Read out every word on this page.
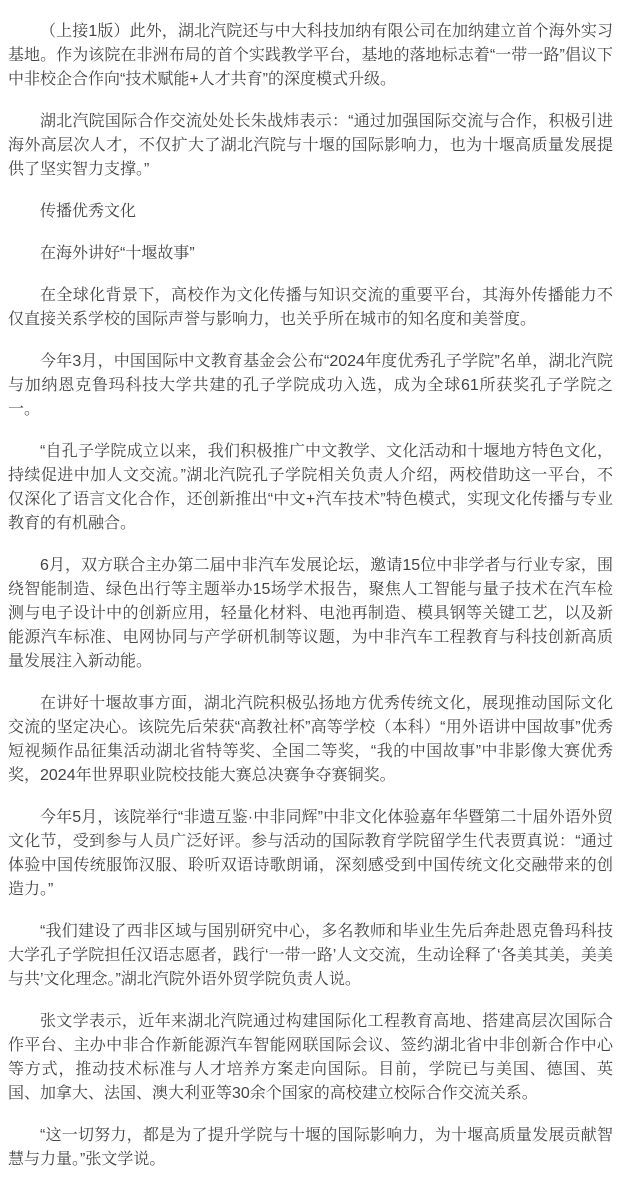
（上接1版）此外，湖北汽院还与中大科技加纳有限公司在加纳建立首个海外实习基地。作为该院在非洲布局的首个实践教学平台，基地的落地标志着“一带一路”倡议下中非校企合作向“技术赋能+人才共育”的深度模式升级。

湖北汽院国际合作交流处处长朱战炜表示：“通过加强国际交流与合作，积极引进海外高层次人才，不仅扩大了湖北汽院与十堰的国际影响力，也为十堰高质量发展提供了坚实智力支撑。”

传播优秀文化

在海外讲好“十堰故事”

在全球化背景下，高校作为文化传播与知识交流的重要平台，其海外传播能力不仅直接关系学校的国际声誉与影响力，也关乎所在城市的知名度和美誉度。

今年3月，中国国际中文教育基金会公布“2024年度优秀孔子学院”名单，湖北汽院与加纳恩克鲁玛科技大学共建的孔子学院成功入选，成为全球61所获奖孔子学院之一。

“自孔子学院成立以来，我们积极推广中文教学、文化活动和十堰地方特色文化，持续促进中加人文交流。”湖北汽院孔子学院相关负责人介绍，两校借助这一平台，不仅深化了语言文化合作，还创新推出“中文+汽车技术”特色模式，实现文化传播与专业教育的有机融合。

6月，双方联合主办第二届中非汽车发展论坛，邀请15位中非学者与行业专家，围绕智能制造、绿色出行等主题举办15场学术报告，聚焦人工智能与量子技术在汽车检测与电子设计中的创新应用，轻量化材料、电池再制造、模具钢等关键工艺，以及新能源汽车标准、电网协同与产学研机制等议题，为中非汽车工程教育与科技创新高质量发展注入新动能。

在讲好十堰故事方面，湖北汽院积极弘扬地方优秀传统文化，展现推动国际文化交流的坚定决心。该院先后荣获“高教社杯”高等学校（本科）“用外语讲中国故事”优秀短视频作品征集活动湖北省特等奖、全国二等奖，“我的中国故事”中非影像大赛优秀奖，2024年世界职业院校技能大赛总决赛争夺赛铜奖。

今年5月，该院举行“非遗互鉴·中非同辉”中非文化体验嘉年华暨第二十届外语外贸文化节，受到参与人员广泛好评。参与活动的国际教育学院留学生代表贾真说：“通过体验中国传统服饰汉服、聆听双语诗歌朗诵，深刻感受到中国传统文化交融带来的创造力。”

“我们建设了西非区域与国别研究中心，多名教师和毕业生先后奔赴恩克鲁玛科技大学孔子学院担任汉语志愿者，践行‘一带一路’人文交流，生动诠释了‘各美其美，美美与共’文化理念。”湖北汽院外语外贸学院负责人说。

张文学表示，近年来湖北汽院通过构建国际化工程教育高地、搭建高层次国际合作平台、主办中非合作新能源汽车智能网联国际会议、签约湖北省中非创新合作中心等方式，推动技术标准与人才培养方案走向国际。目前，学院已与美国、德国、英国、加拿大、法国、澳大利亚等30余个国家的高校建立校际合作交流关系。

“这一切努力，都是为了提升学院与十堰的国际影响力，为十堰高质量发展贡献智慧与力量。”张文学说。
